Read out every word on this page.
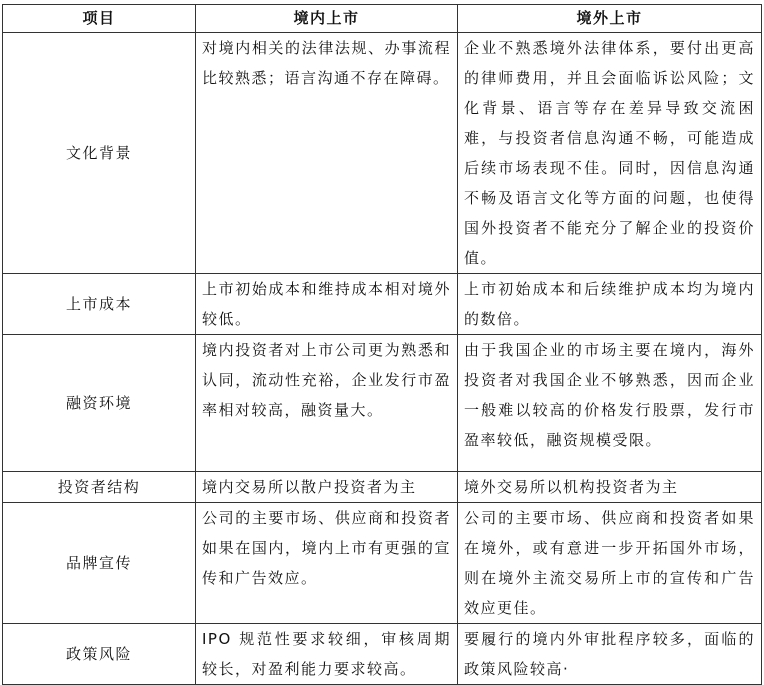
项目	境内上市	境外上市
文化背景	对境内相关的法律法规、办事流程比较熟悉；语言沟通不存在障碍。	企业不熟悉境外法律体系，要付出更高的律师费用，并且会面临诉讼风险；文化背景、语言等存在差异导致交流困难，与投资者信息沟通不畅，可能造成后续市场表现不佳。同时，因信息沟通不畅及语言文化等方面的问题，也使得国外投资者不能充分了解企业的投资价值。
上市成本	上市初始成本和维持成本相对境外较低。	上市初始成本和后续维护成本均为境内的数倍。
融资环境	境内投资者对上市公司更为熟悉和认同，流动性充裕，企业发行市盈率相对较高，融资量大。	由于我国企业的市场主要在境内，海外投资者对我国企业不够熟悉，因而企业一般难以较高的价格发行股票，发行市盈率较低，融资规模受限。
投资者结构	境内交易所以散户投资者为主	境外交易所以机构投资者为主
品牌宣传	公司的主要市场、供应商和投资者如果在国内，境内上市有更强的宣传和广告效应。	公司的主要市场、供应商和投资者如果在境外，或有意进一步开拓国外市场，则在境外主流交易所上市的宣传和广告效应更佳。
政策风险	IPO 规范性要求较细，审核周期较长，对盈利能力要求较高。	要履行的境内外审批程序较多，面临的政策风险较高·
